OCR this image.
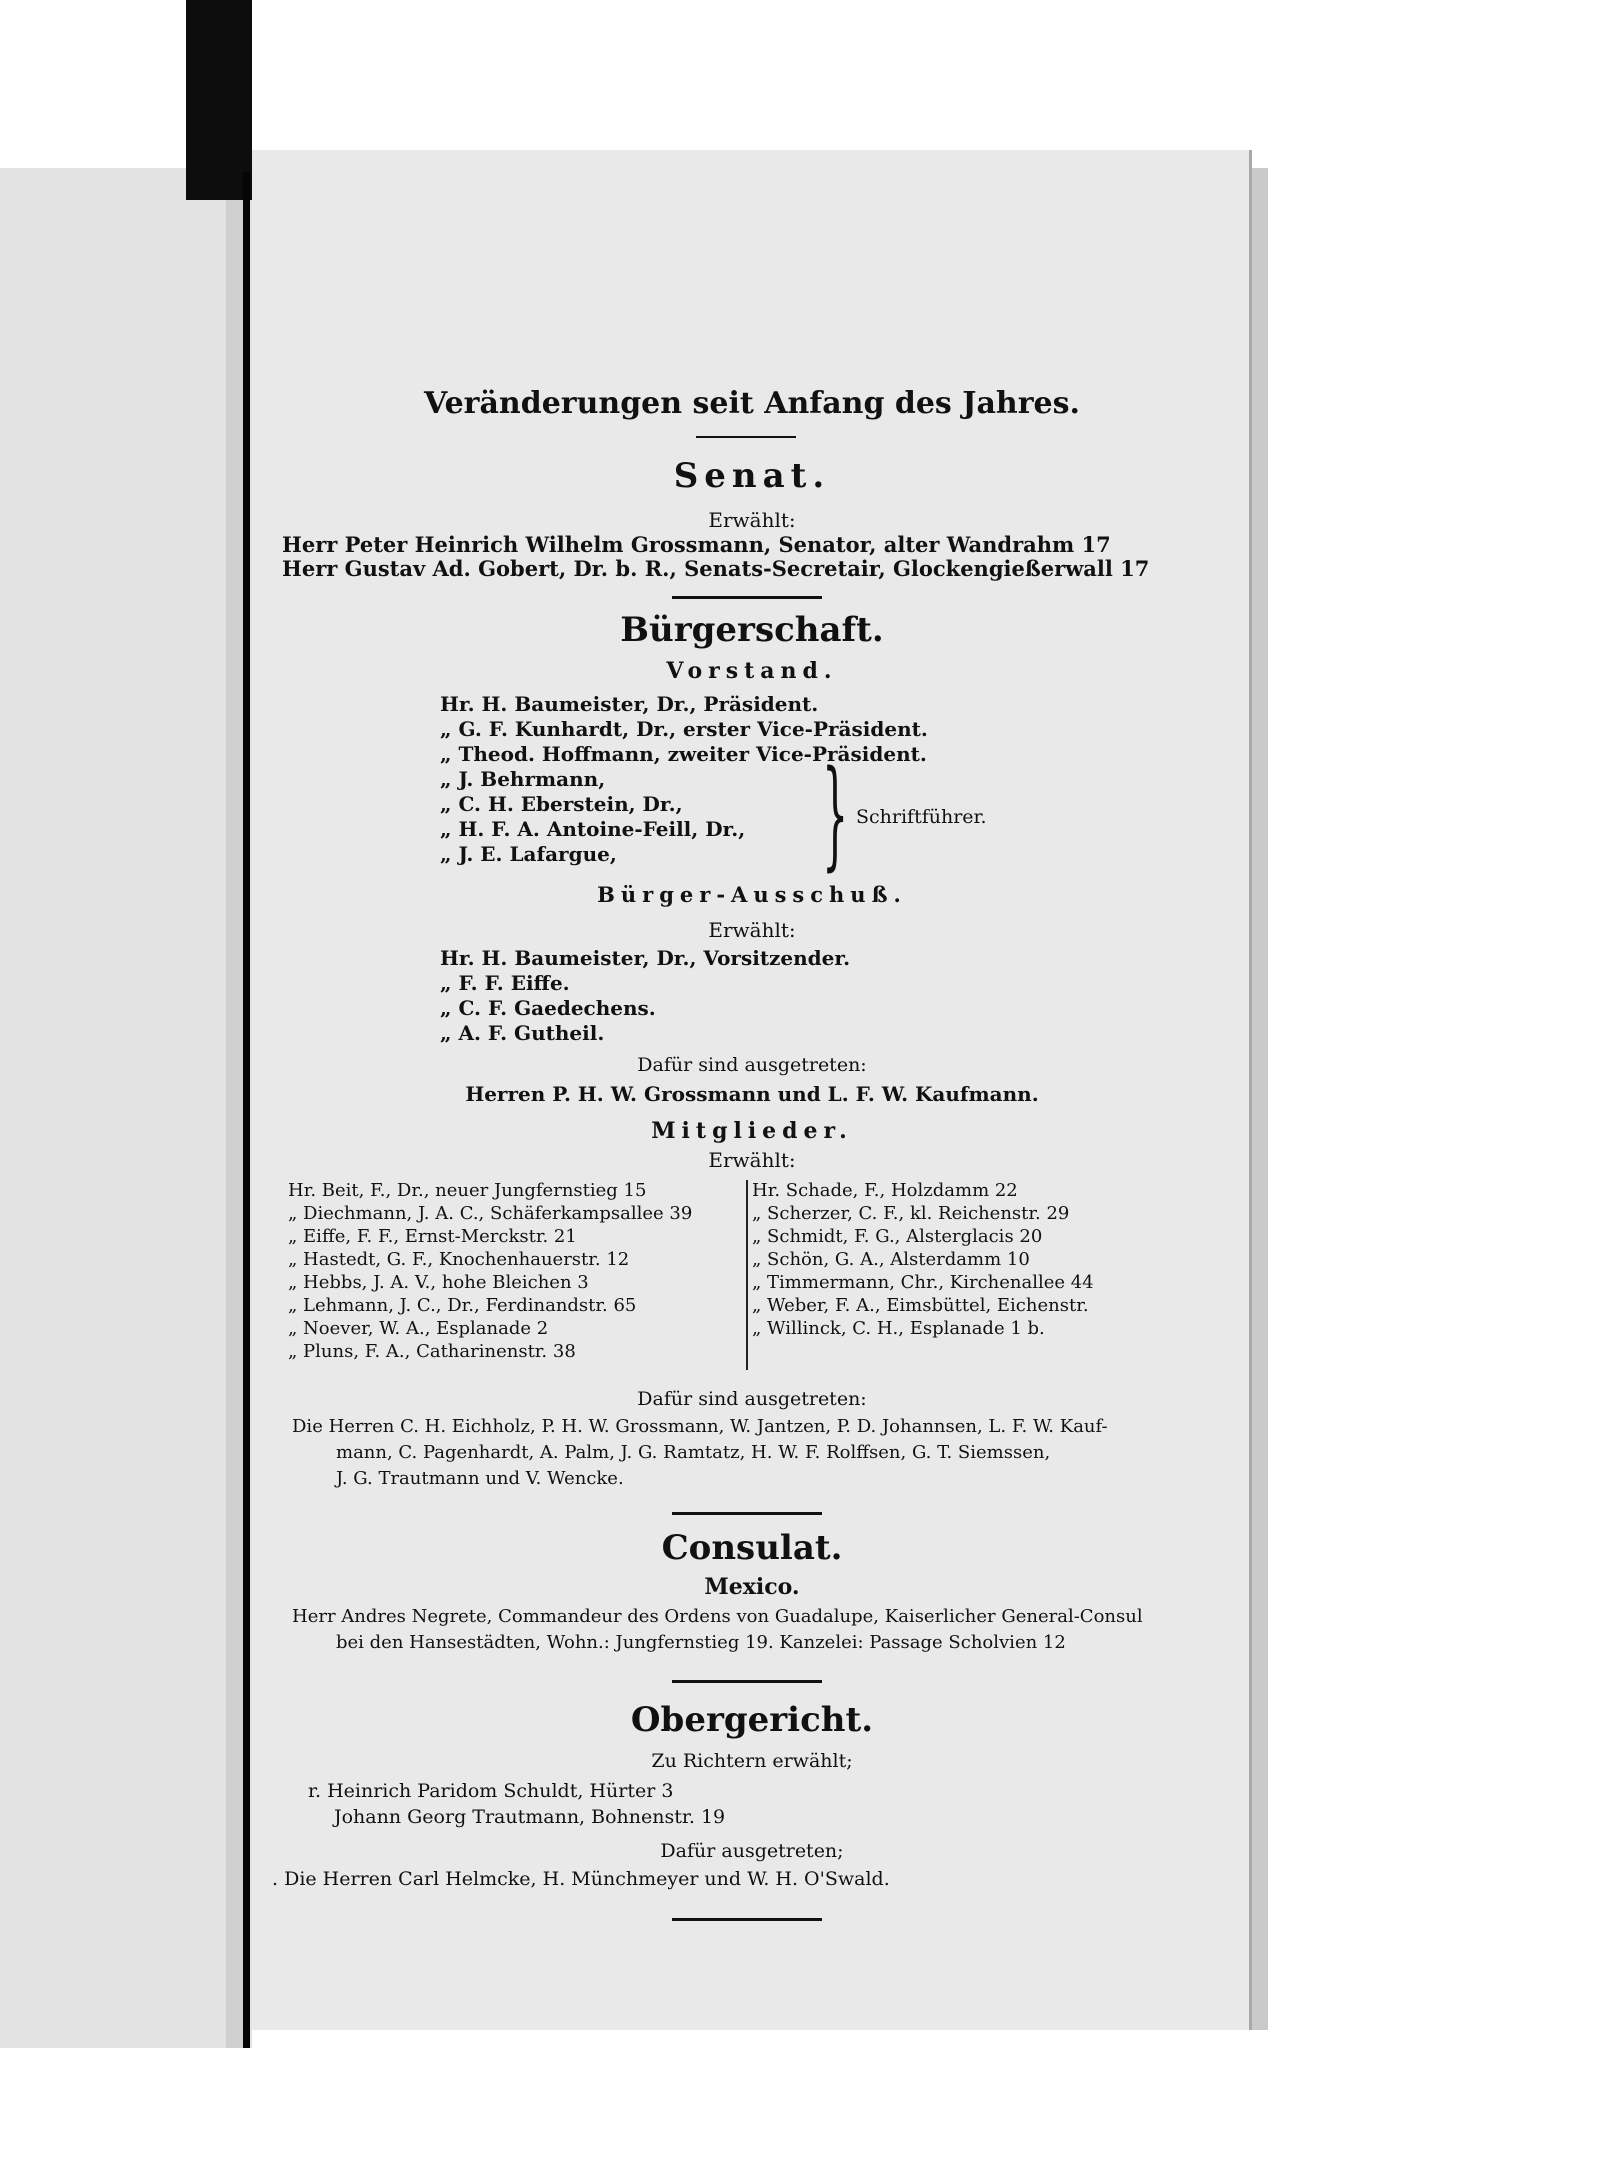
Veränderungen seit Anfang des Jahres.
Senat.
Erwählt:
Herr Peter Heinrich Wilhelm Grossmann, Senator, alter Wandrahm 17
Herr Gustav Ad. Gobert, Dr. b. R., Senats-Secretair, Glockengießerwall 17
Bürgerschaft.
Vorstand.
Hr. H. Baumeister, Dr., Präsident.
„ G. F. Kunhardt, Dr., erster Vice-Präsident.
„ Theod. Hoffmann, zweiter Vice-Präsident.
„ J. Behrmann,
„ C. H. Eberstein, Dr.,
„ H. F. A. Antoine-Feill, Dr.,
„ J. E. Lafargue, } Schriftführer.
Bürger-Ausschuß.
Erwählt:
Hr. H. Baumeister, Dr., Vorsitzender.
„ F. F. Eiffe.
„ C. F. Gaedechens.
„ A. F. Gutheil.
Dafür sind ausgetreten:
Herren P. H. W. Grossmann und L. F. W. Kaufmann.
Mitglieder.
Erwählt:
Hr. Beit, F., Dr., neuer Jungfernstieg 15
„ Diechmann, J. A. C., Schäferkampsallee 39
„ Eiffe, F. F., Ernst-Merckstr. 21
„ Hastedt, G. F., Knochenhauerstr. 12
„ Hebbs, J. A. V., hohe Bleichen 3
„ Lehmann, J. C., Dr., Ferdinandstr. 65
„ Noever, W. A., Esplanade 2
„ Pluns, F. A., Catharinenstr. 38
Hr. Schade, F., Holzdamm 22
„ Scherzer, C. F., kl. Reichenstr. 29
„ Schmidt, F. G., Alsterglacis 20
„ Schön, G. A., Alsterdamm 10
„ Timmermann, Chr., Kirchenallee 44
„ Weber, F. A., Eimsbüttel, Eichenstr.
„ Willinck, C. H., Esplanade 1 b.
Dafür sind ausgetreten:
Die Herren C. H. Eichholz, P. H. W. Grossmann, W. Jantzen, P. D. Johannsen, L. F. W. Kauf-
mann, C. Pagenhardt, A. Palm, J. G. Ramtatz, H. W. F. Rolffsen, G. T. Siemssen,
J. G. Trautmann und V. Wencke.
Consulat.
Mexico.
Herr Andres Negrete, Commandeur des Ordens von Guadalupe, Kaiserlicher General-Consul
bei den Hansestädten, Wohn.: Jungfernstieg 19. Kanzelei: Passage Scholvien 12
Obergericht.
Zu Richtern erwählt;
r. Heinrich Paridom Schuldt, Hürter 3
Johann Georg Trautmann, Bohnenstr. 19
Dafür ausgetreten;
. Die Herren Carl Helmcke, H. Münchmeyer und W. H. O'Swald.
